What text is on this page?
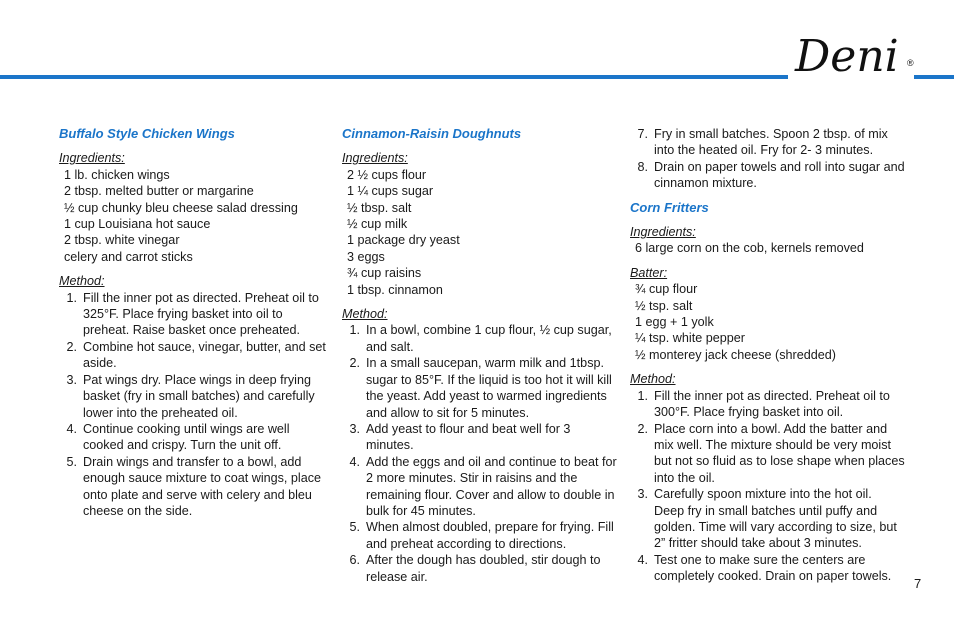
Deni ®
Buffalo Style Chicken Wings
Ingredients:
1 lb. chicken wings
2 tbsp. melted butter or margarine
½ cup chunky bleu cheese salad dressing
1 cup Louisiana hot sauce
2 tbsp. white vinegar
celery and carrot sticks
Method:
1. Fill the inner pot as directed. Preheat oil to 325°F. Place frying basket into oil to preheat. Raise basket once preheated.
2. Combine hot sauce, vinegar, butter, and set aside.
3. Pat wings dry. Place wings in deep frying basket (fry in small batches) and carefully lower into the preheated oil.
4. Continue cooking until wings are well cooked and crispy. Turn the unit off.
5. Drain wings and transfer to a bowl, add enough sauce mixture to coat wings, place onto plate and serve with celery and bleu cheese on the side.
Cinnamon-Raisin Doughnuts
Ingredients:
2 ½ cups flour
1 ¼ cups sugar
½ tbsp. salt
½ cup milk
1 package dry yeast
3 eggs
¾ cup raisins
1 tbsp. cinnamon
Method:
1. In a bowl, combine 1 cup flour, ½ cup sugar, and salt.
2. In a small saucepan, warm milk and 1tbsp. sugar to 85°F. If the liquid is too hot it will kill the yeast. Add yeast to warmed ingredients and allow to sit for 5 minutes.
3. Add yeast to flour and beat well for 3 minutes.
4. Add the eggs and oil and continue to beat for 2 more minutes. Stir in raisins and the remaining flour. Cover and allow to double in bulk for 45 minutes.
5. When almost doubled, prepare for frying. Fill and preheat according to directions.
6. After the dough has doubled, stir dough to release air.
7. Fry in small batches. Spoon 2 tbsp. of mix into the heated oil. Fry for 2- 3 minutes.
8. Drain on paper towels and roll into sugar and cinnamon mixture.
Corn Fritters
Ingredients:
6 large corn on the cob, kernels removed
Batter:
¾ cup flour
½ tsp. salt
1 egg + 1 yolk
¼ tsp. white pepper
½ monterey jack cheese (shredded)
Method:
1. Fill the inner pot as directed. Preheat oil to 300°F. Place frying basket into oil.
2. Place corn into a bowl. Add the batter and mix well. The mixture should be very moist but not so fluid as to lose shape when places into the oil.
3. Carefully spoon mixture into the hot oil. Deep fry in small batches until puffy and golden. Time will vary according to size, but 2” fritter should take about 3 minutes.
4. Test one to make sure the centers are completely cooked. Drain on paper towels.	7
